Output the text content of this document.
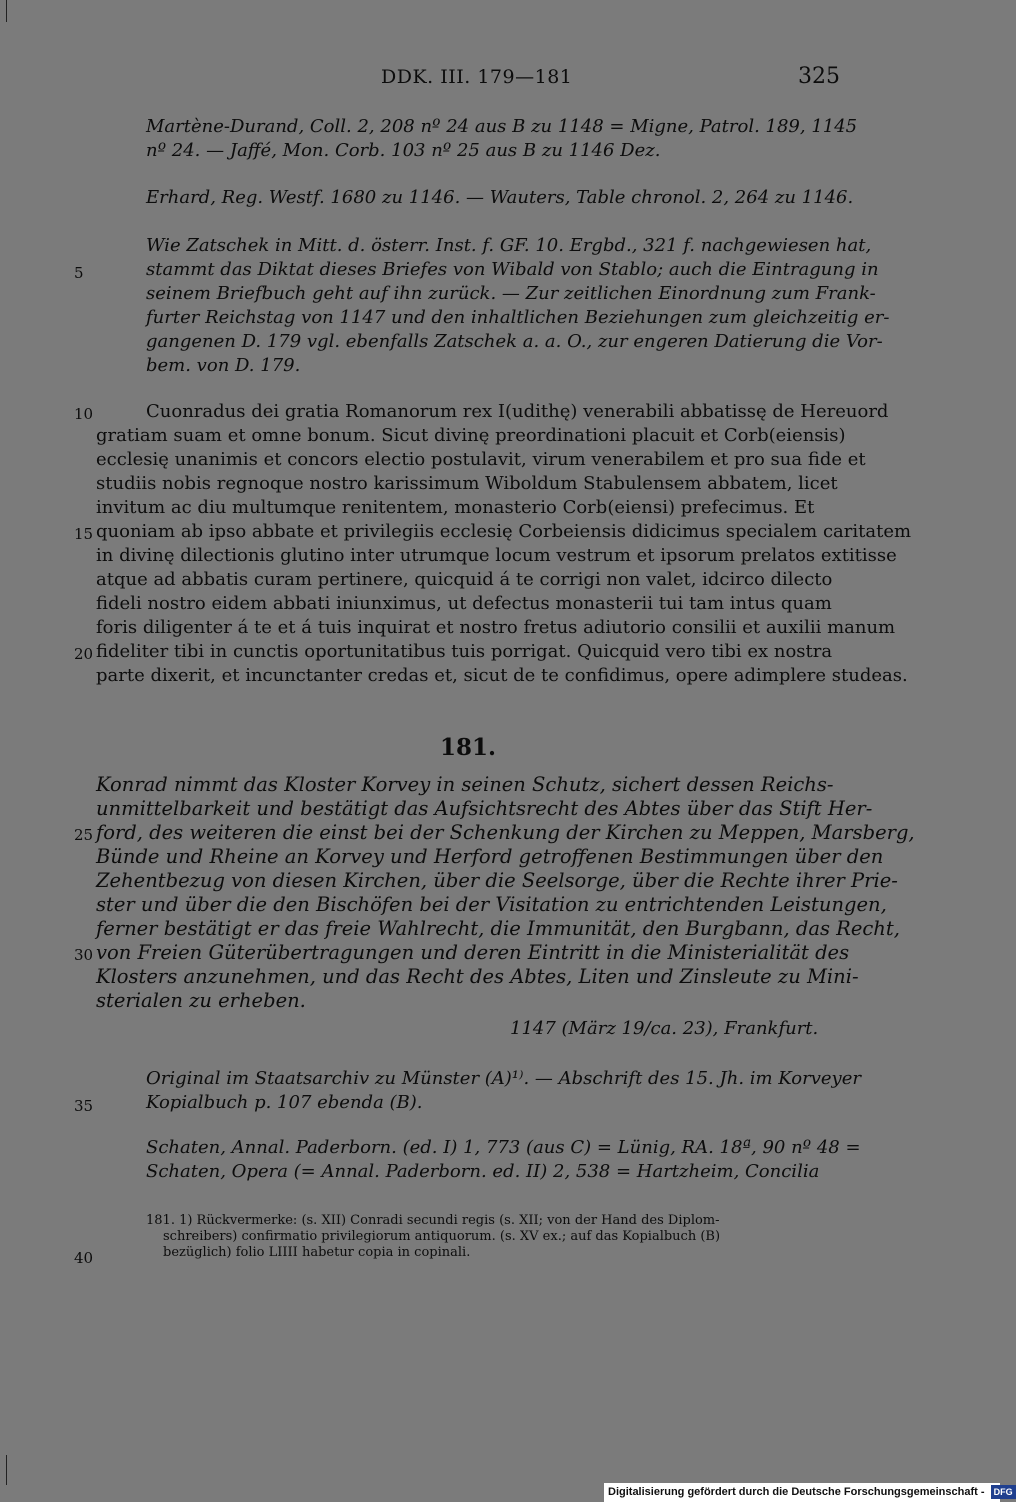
DDK. III. 179—181	325
Martène-Durand, Coll. 2, 208 nº 24 aus B zu 1148 = Migne, Patrol. 189, 1145
nº 24. — Jaffé, Mon. Corb. 103 nº 25 aus B zu 1146 Dez.
Erhard, Reg. Westf. 1680 zu 1146. — Wauters, Table chronol. 2, 264 zu 1146.
Wie Zatschek in Mitt. d. österr. Inst. f. GF. 10. Ergbd., 321 f. nachgewiesen hat,
stammt das Diktat dieses Briefes von Wibald von Stablo; auch die Eintragung in
seinem Briefbuch geht auf ihn zurück. — Zur zeitlichen Einordnung zum Frank-
furter Reichstag von 1147 und den inhaltlichen Beziehungen zum gleichzeitig er-
gangenen D. 179 vgl. ebenfalls Zatschek a. a. O., zur engeren Datierung die Vor-
bem. von D. 179.
Cuonradus dei gratia Romanorum rex I(udithę) venerabili abbatissę de Hereuord
gratiam suam et omne bonum. Sicut divinę preordinationi placuit et Corb(eiensis)
ecclesię unanimis et concors electio postulavit, virum venerabilem et pro sua fide et
studiis nobis regnoque nostro karissimum Wiboldum Stabulensem abbatem, licet
invitum ac diu multumque renitentem, monasterio Corb(eiensi) prefecimus. Et
quoniam ab ipso abbate et privilegiis ecclesię Corbeiensis didicimus specialem caritatem
in divinę dilectionis glutino inter utrumque locum vestrum et ipsorum prelatos extitisse
atque ad abbatis curam pertinere, quicquid á te corrigi non valet, idcirco dilecto
fideli nostro eidem abbati iniunximus, ut defectus monasterii tui tam intus quam
foris diligenter á te et á tuis inquirat et nostro fretus adiutorio consilii et auxilii manum
fideliter tibi in cunctis oportunitatibus tuis porrigat. Quicquid vero tibi ex nostra
parte dixerit, et incunctanter credas et, sicut de te confidimus, opere adimplere studeas.
181.
Konrad nimmt das Kloster Korvey in seinen Schutz, sichert dessen Reichs-
unmittelbarkeit und bestätigt das Aufsichtsrecht des Abtes über das Stift Her-
ford, des weiteren die einst bei der Schenkung der Kirchen zu Meppen, Marsberg,
Bünde und Rheine an Korvey und Herford getroffenen Bestimmungen über den
Zehentbezug von diesen Kirchen, über die Seelsorge, über die Rechte ihrer Prie-
ster und über die den Bischöfen bei der Visitation zu entrichtenden Leistungen,
ferner bestätigt er das freie Wahlrecht, die Immunität, den Burgbann, das Recht,
von Freien Güterübertragungen und deren Eintritt in die Ministerialität des
Klosters anzunehmen, und das Recht des Abtes, Liten und Zinsleute zu Mini-
sterialen zu erheben.
1147 (März 19/ca. 23), Frankfurt.
Original im Staatsarchiv zu Münster (A)¹⁾. — Abschrift des 15. Jh. im Korveyer
Kopialbuch p. 107 ebenda (B).
Schaten, Annal. Paderborn. (ed. I) 1, 773 (aus C) = Lünig, RA. 18ª, 90 nº 48 =
Schaten, Opera (= Annal. Paderborn. ed. II) 2, 538 = Hartzheim, Concilia
181. 1) Rückvermerke: (s. XII) Conradi secundi regis (s. XII; von der Hand des Diplom-
schreibers) confirmatio privilegiorum antiquorum. (s. XV ex.; auf das Kopialbuch (B)
bezüglich) folio LIIII habetur copia in copinali.
5
10
15
20
25
30
35
40
Digitalisierung gefördert durch die Deutsche Forschungsgemeinschaft - DFG
